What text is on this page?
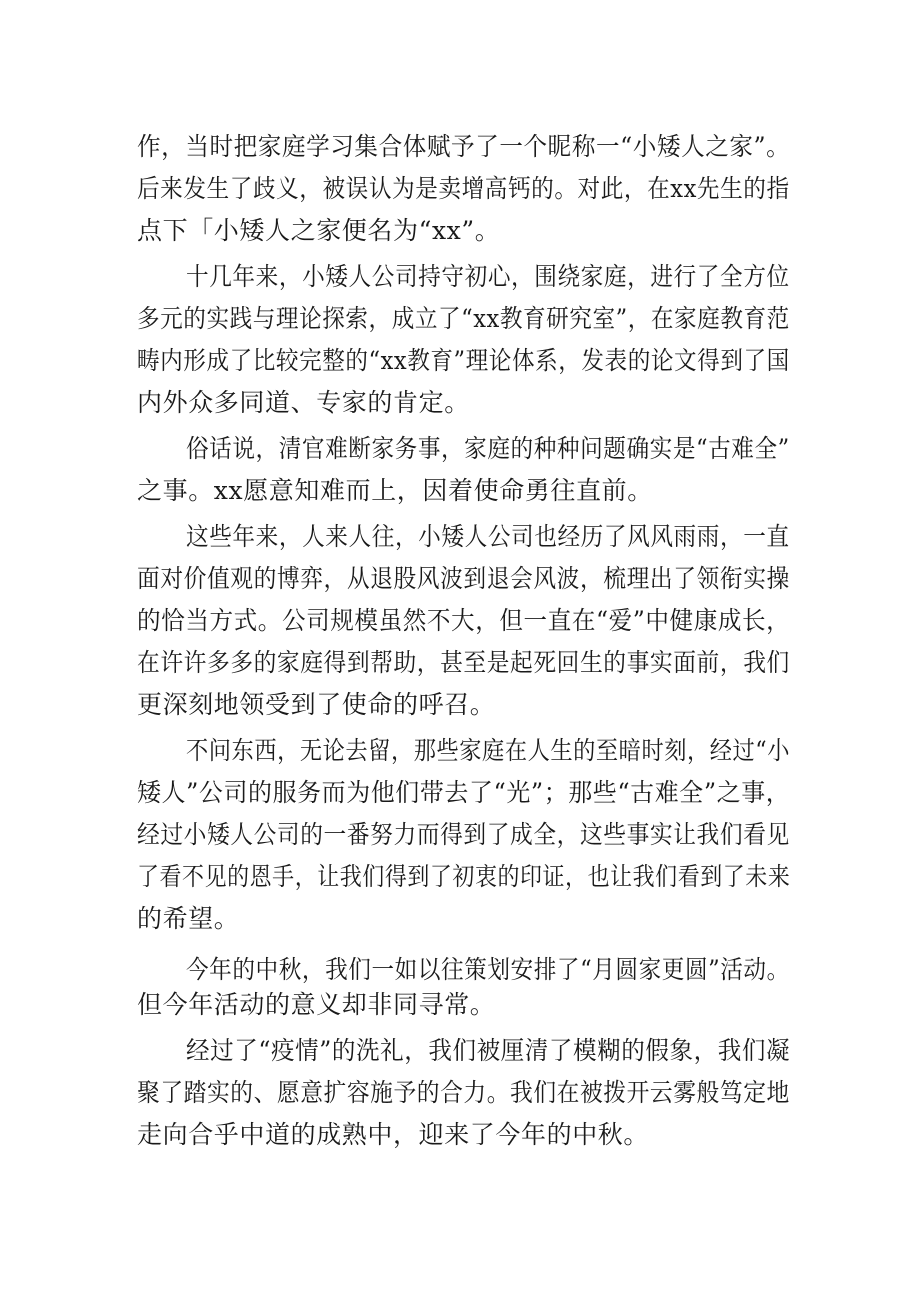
作，当时把家庭学习集合体赋予了一个昵称一“小矮人之家”。
后来发生了歧义，被误认为是卖增高钙的。对此，在xx先生的指
点下「小矮人之家便名为“xx”。
十几年来，小矮人公司持守初心，围绕家庭，进行了全方位
多元的实践与理论探索，成立了“xx教育研究室”，在家庭教育范
畴内形成了比较完整的“xx教育”理论体系，发表的论文得到了国
内外众多同道、专家的肯定。
俗话说，清官难断家务事，家庭的种种问题确实是“古难全”
之事。xx愿意知难而上，因着使命勇往直前。
这些年来，人来人往，小矮人公司也经历了风风雨雨，一直
面对价值观的博弈，从退股风波到退会风波，梳理出了领衔实操
的恰当方式。公司规模虽然不大，但一直在“爱”中健康成长，
在许许多多的家庭得到帮助，甚至是起死回生的事实面前，我们
更深刻地领受到了使命的呼召。
不问东西，无论去留，那些家庭在人生的至暗时刻，经过“小
矮人”公司的服务而为他们带去了“光”；那些“古难全”之事，
经过小矮人公司的一番努力而得到了成全，这些事实让我们看见
了看不见的恩手，让我们得到了初衷的印证，也让我们看到了未来
的希望。
今年的中秋，我们一如以往策划安排了“月圆家更圆”活动。
但今年活动的意义却非同寻常。
经过了“疫情”的洗礼，我们被厘清了模糊的假象，我们凝
聚了踏实的、愿意扩容施予的合力。我们在被拨开云雾般笃定地
走向合乎中道的成熟中，迎来了今年的中秋。
